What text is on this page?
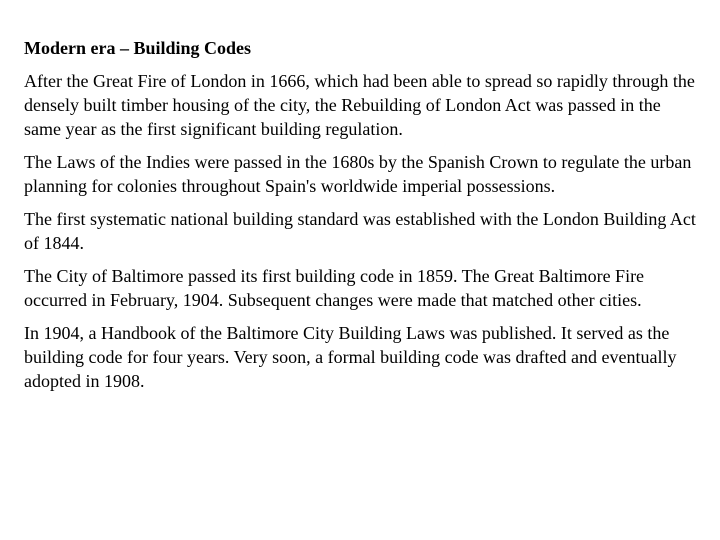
Modern era – Building Codes

After the Great Fire of London in 1666, which had been able to spread so rapidly through the densely built timber housing of the city, the Rebuilding of London Act was passed in the same year as the first significant building regulation.

The Laws of the Indies were passed in the 1680s by the Spanish Crown to regulate the urban planning for colonies throughout Spain's worldwide imperial possessions.

The first systematic national building standard was established with the London Building Act of 1844.

The City of Baltimore passed its first building code in 1859. The Great Baltimore Fire occurred in February, 1904. Subsequent changes were made that matched other cities.

In 1904, a Handbook of the Baltimore City Building Laws was published. It served as the building code for four years. Very soon, a formal building code was drafted and eventually adopted in 1908.
